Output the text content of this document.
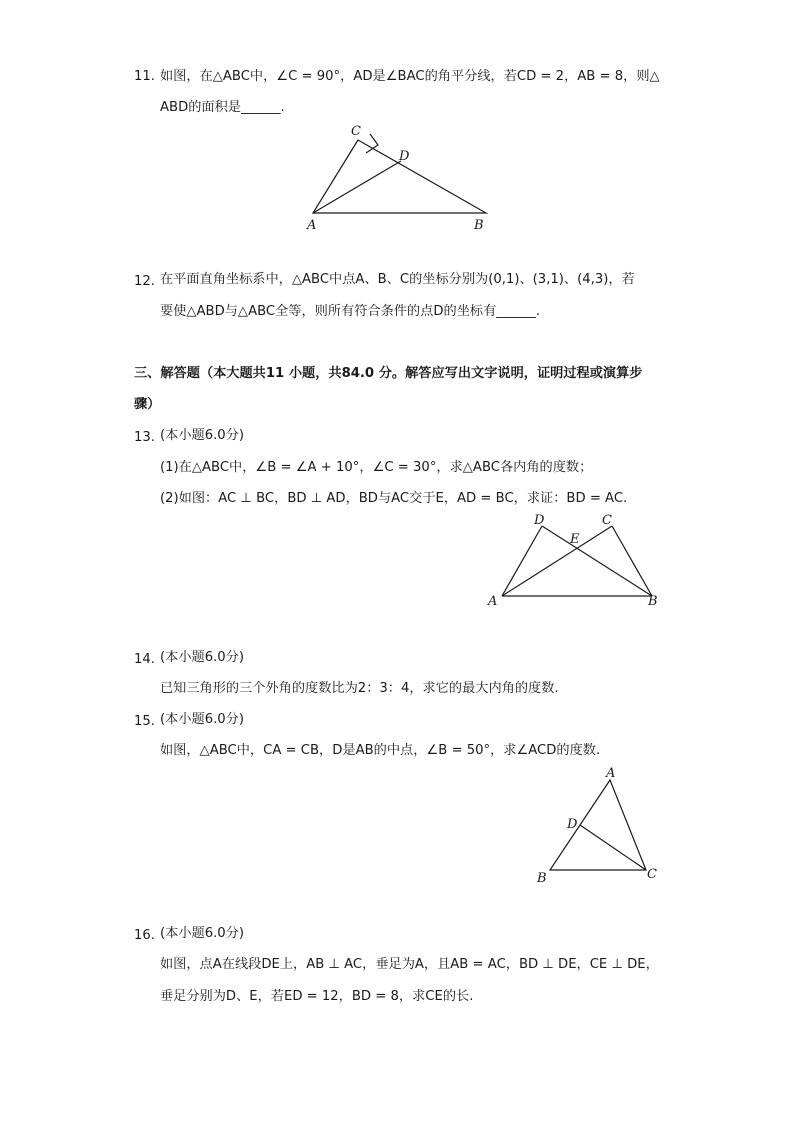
11. 如图，在△ABC中，∠C = 90°，AD是∠BAC的角平分线，若CD = 2，AB = 8，则△
ABD的面积是______.
C
D
A	B
12. 在平面直角坐标系中，△ABC中点A、B、C的坐标分别为(0,1)、(3,1)、(4,3)，若
要使△ABD与△ABC全等，则所有符合条件的点D的坐标有______.
三、解答题（本大题共11 小题，共84.0 分。解答应写出文字说明，证明过程或演算步
骤）
13. (本小题6.0分)
(1)在△ABC中，∠B = ∠A + 10°，∠C = 30°，求△ABC各内角的度数；
(2)如图：AC ⊥ BC，BD ⊥ AD，BD与AC交于E，AD = BC，求证：BD = AC.
D	C
E
A	B
14. (本小题6.0分)
已知三角形的三个外角的度数比为2：3：4，求它的最大内角的度数.
15. (本小题6.0分)
如图，△ABC中，CA = CB，D是AB的中点，∠B = 50°，求∠ACD的度数.
A
D
B	C
16. (本小题6.0分)
如图，点A在线段DE上，AB ⊥ AC，垂足为A，且AB = AC，BD ⊥ DE，CE ⊥ DE，
垂足分别为D、E，若ED = 12，BD = 8，求CE的长.
